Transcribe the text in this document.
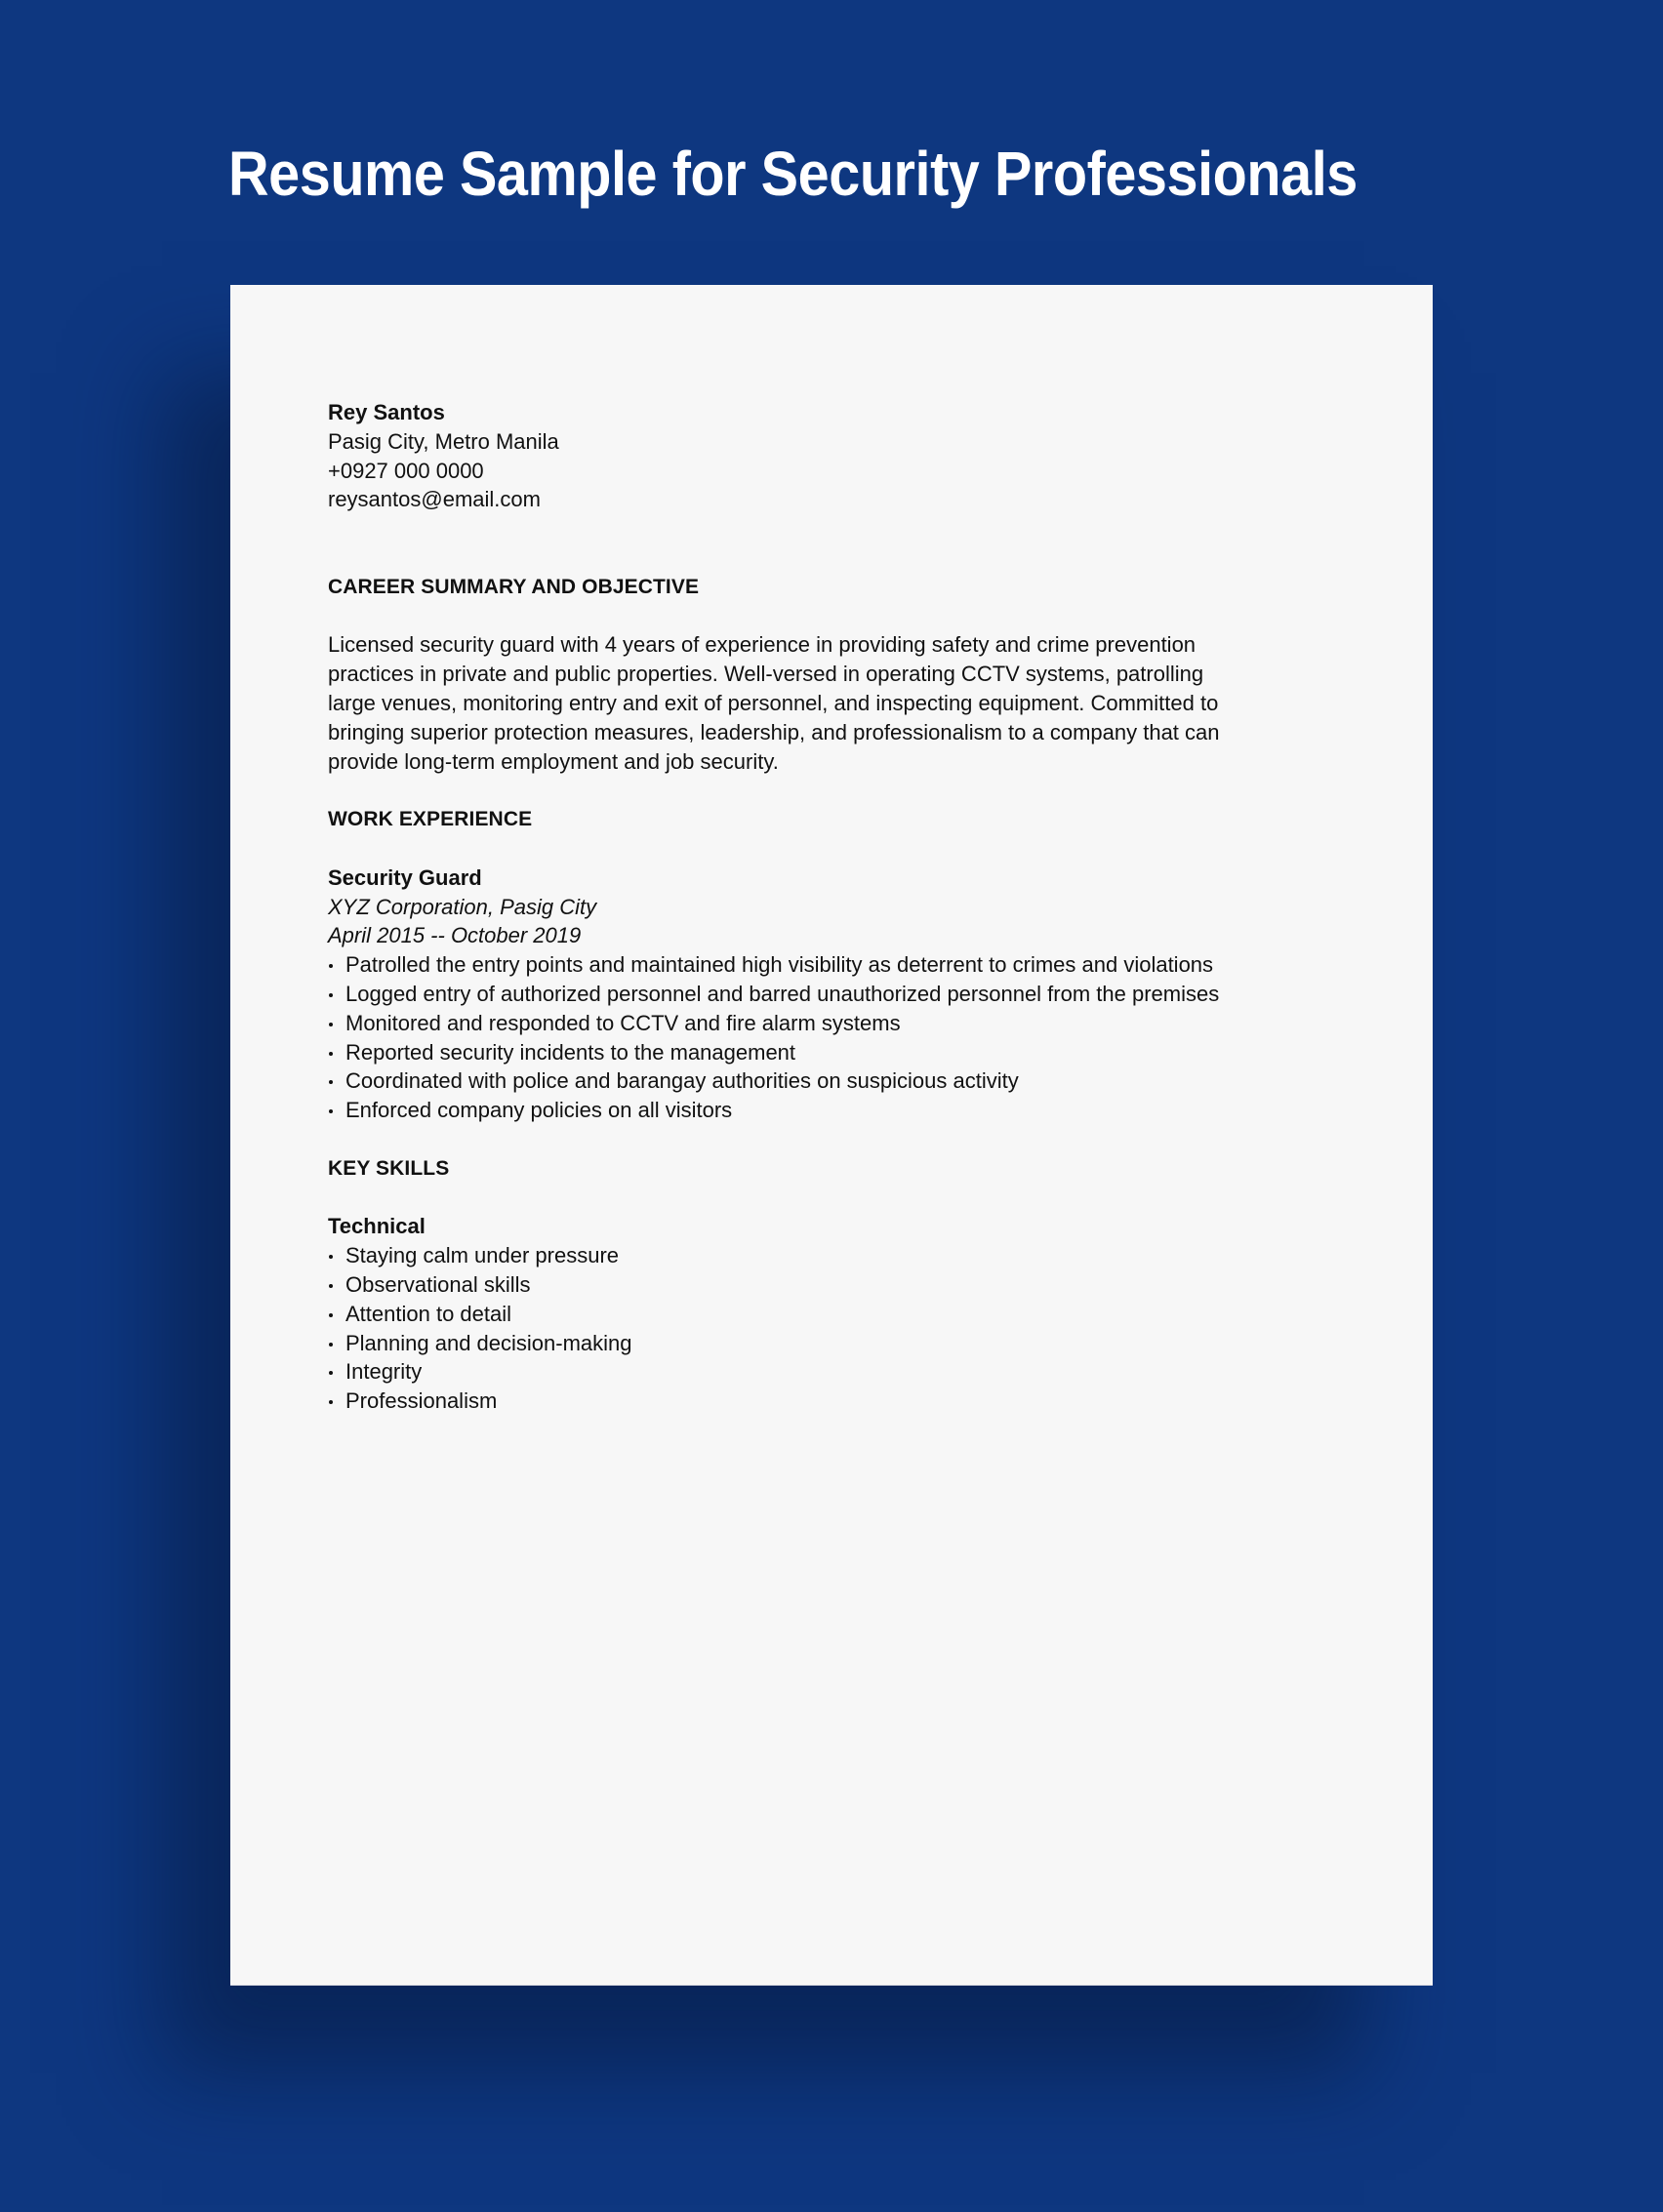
Resume Sample for Security Professionals
Rey Santos
Pasig City, Metro Manila
+0927 000 0000
reysantos@email.com
CAREER SUMMARY AND OBJECTIVE
Licensed security guard with 4 years of experience in providing safety and crime prevention
practices in private and public properties. Well-versed in operating CCTV systems, patrolling
large venues, monitoring entry and exit of personnel, and inspecting equipment. Committed to
bringing superior protection measures, leadership, and professionalism to a company that can
provide long-term employment and job security.
WORK EXPERIENCE
Security Guard
XYZ Corporation, Pasig City
April 2015 -- October 2019
Patrolled the entry points and maintained high visibility as deterrent to crimes and violations
Logged entry of authorized personnel and barred unauthorized personnel from the premises
Monitored and responded to CCTV and fire alarm systems
Reported security incidents to the management
Coordinated with police and barangay authorities on suspicious activity
Enforced company policies on all visitors
KEY SKILLS
Technical
Staying calm under pressure
Observational skills
Attention to detail
Planning and decision-making
Integrity
Professionalism
